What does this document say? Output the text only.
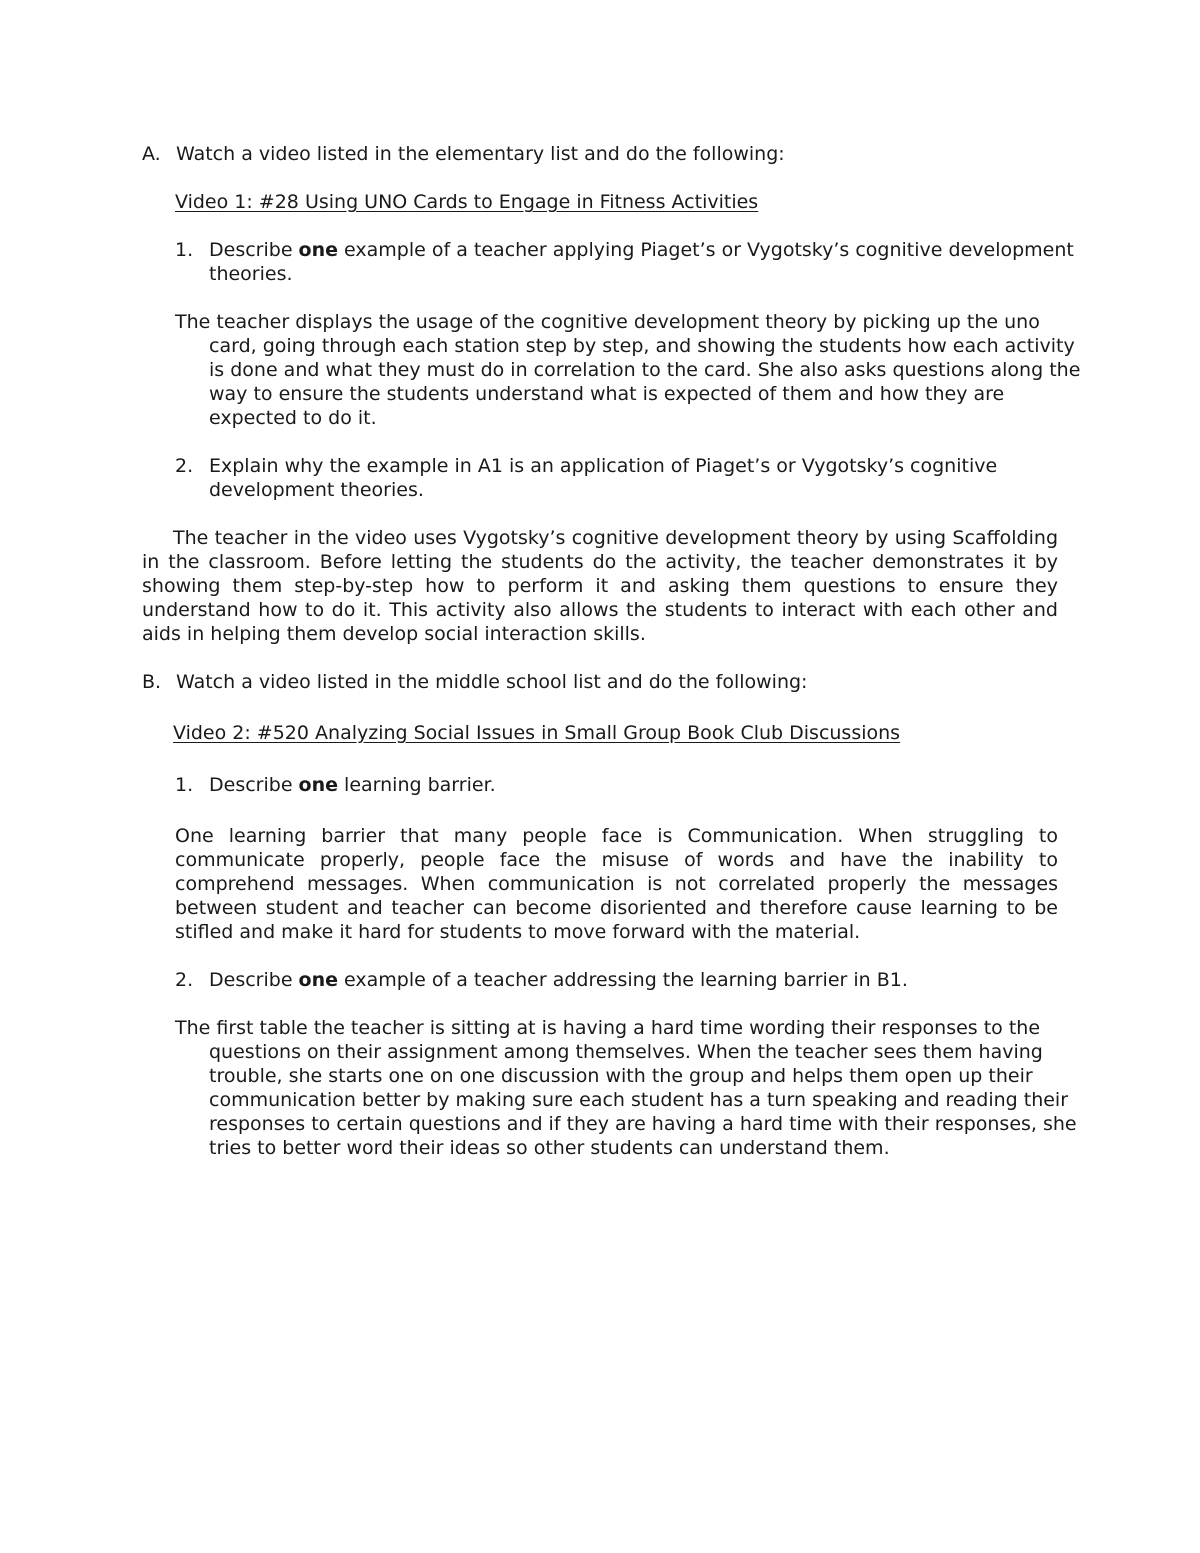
A. Watch a video listed in the elementary list and do the following:

Video 1: #28 Using UNO Cards to Engage in Fitness Activities

1. Describe one example of a teacher applying Piaget’s or Vygotsky’s cognitive development theories.

The teacher displays the usage of the cognitive development theory by picking up the uno card, going through each station step by step, and showing the students how each activity is done and what they must do in correlation to the card. She also asks questions along the way to ensure the students understand what is expected of them and how they are expected to do it.

2. Explain why the example in A1 is an application of Piaget’s or Vygotsky’s cognitive development theories.

The teacher in the video uses Vygotsky’s cognitive development theory by using Scaffolding in the classroom. Before letting the students do the activity, the teacher demonstrates it by showing them step-by-step how to perform it and asking them questions to ensure they understand how to do it. This activity also allows the students to interact with each other and aids in helping them develop social interaction skills.

B. Watch a video listed in the middle school list and do the following:

Video 2: #520 Analyzing Social Issues in Small Group Book Club Discussions

1. Describe one learning barrier.

One learning barrier that many people face is Communication. When struggling to communicate properly, people face the misuse of words and have the inability to comprehend messages. When communication is not correlated properly the messages between student and teacher can become disoriented and therefore cause learning to be stifled and make it hard for students to move forward with the material.

2. Describe one example of a teacher addressing the learning barrier in B1.

The first table the teacher is sitting at is having a hard time wording their responses to the questions on their assignment among themselves. When the teacher sees them having trouble, she starts one on one discussion with the group and helps them open up their communication better by making sure each student has a turn speaking and reading their responses to certain questions and if they are having a hard time with their responses, she tries to better word their ideas so other students can understand them.
